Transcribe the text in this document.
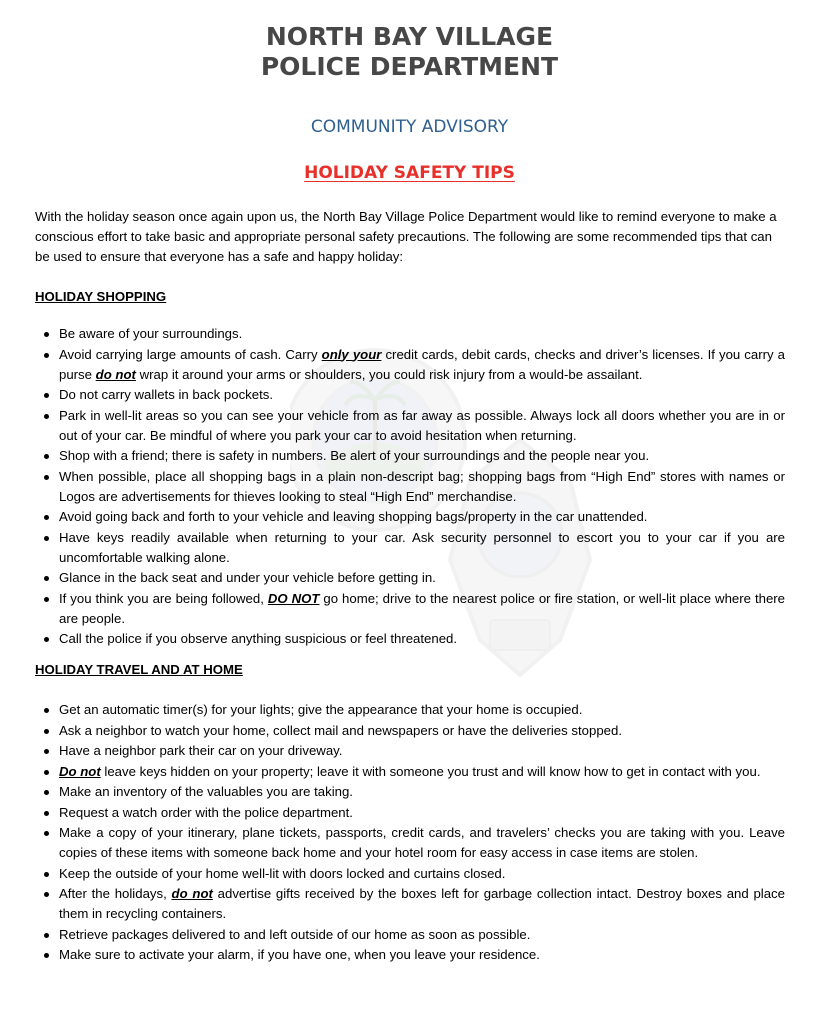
NORTH BAY VILLAGE
POLICE DEPARTMENT
COMMUNITY ADVISORY
HOLIDAY SAFETY TIPS

With the holiday season once again upon us, the North Bay Village Police Department would like to remind everyone to make a conscious effort to take basic and appropriate personal safety precautions. The following are some recommended tips that can be used to ensure that everyone has a safe and happy holiday:

HOLIDAY SHOPPING
Be aware of your surroundings.
Avoid carrying large amounts of cash. Carry only your credit cards, debit cards, checks and driver’s licenses. If you carry a purse do not wrap it around your arms or shoulders, you could risk injury from a would-be assailant.
Do not carry wallets in back pockets.
Park in well-lit areas so you can see your vehicle from as far away as possible. Always lock all doors whether you are in or out of your car. Be mindful of where you park your car to avoid hesitation when returning.
Shop with a friend; there is safety in numbers. Be alert of your surroundings and the people near you.
When possible, place all shopping bags in a plain non-descript bag; shopping bags from “High End” stores with names or Logos are advertisements for thieves looking to steal “High End” merchandise.
Avoid going back and forth to your vehicle and leaving shopping bags/property in the car unattended.
Have keys readily available when returning to your car. Ask security personnel to escort you to your car if you are uncomfortable walking alone.
Glance in the back seat and under your vehicle before getting in.
If you think you are being followed, DO NOT go home; drive to the nearest police or fire station, or well-lit place where there are people.
Call the police if you observe anything suspicious or feel threatened.
HOLIDAY TRAVEL AND AT HOME
Get an automatic timer(s) for your lights; give the appearance that your home is occupied.
Ask a neighbor to watch your home, collect mail and newspapers or have the deliveries stopped.
Have a neighbor park their car on your driveway.
Do not leave keys hidden on your property; leave it with someone you trust and will know how to get in contact with you.
Make an inventory of the valuables you are taking.
Request a watch order with the police department.
Make a copy of your itinerary, plane tickets, passports, credit cards, and travelers’ checks you are taking with you. Leave copies of these items with someone back home and your hotel room for easy access in case items are stolen.
Keep the outside of your home well-lit with doors locked and curtains closed.
After the holidays, do not advertise gifts received by the boxes left for garbage collection intact. Destroy boxes and place them in recycling containers.
Retrieve packages delivered to and left outside of our home as soon as possible.
Make sure to activate your alarm, if you have one, when you leave your residence.
